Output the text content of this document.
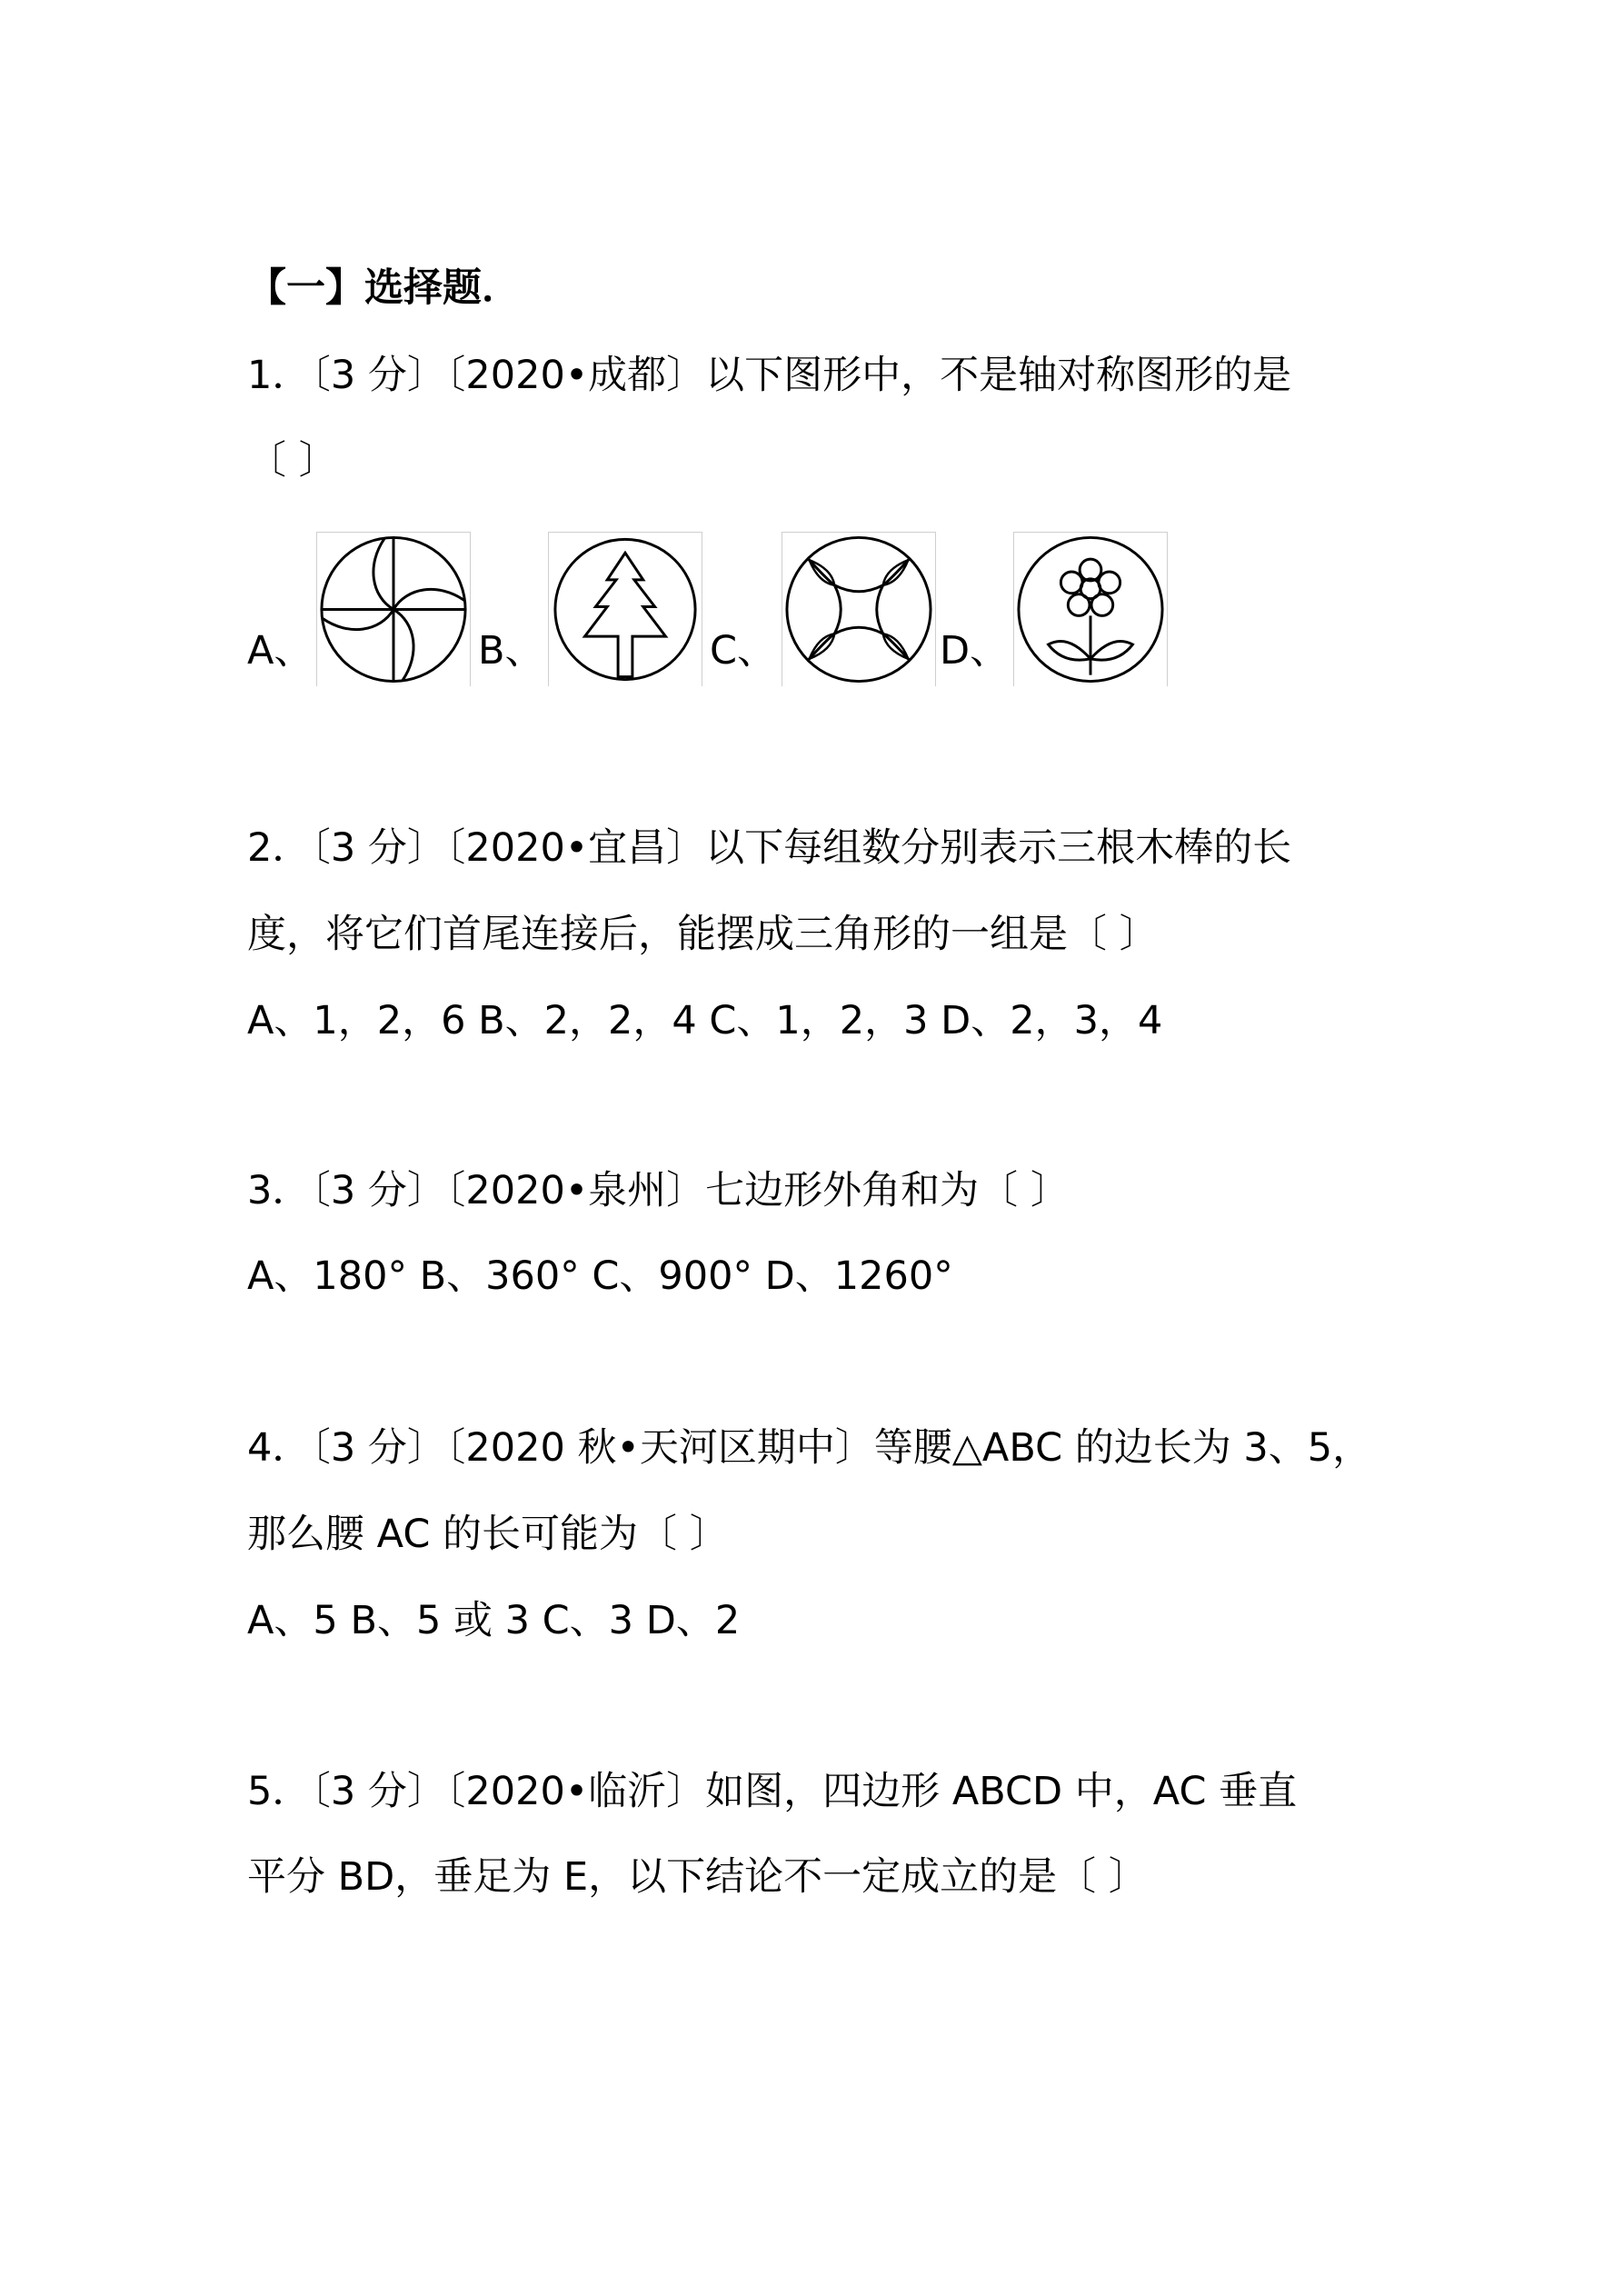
【一】选择题．
1．〔3 分〕〔2020•成都〕以下图形中，不是轴对称图形的是
〔 〕
A、	B、	C、	D、
2．〔3 分〕〔2020•宜昌〕以下每组数分别表示三根木棒的长
度，将它们首尾连接后，能摆成三角形的一组是〔 〕
A、1，2，6 B、2，2，4 C、1，2，3 D、2，3，4
3．〔3 分〕〔2020•泉州〕七边形外角和为〔 〕
A、180° B、360° C、900° D、1260°
4．〔3 分〕〔2020 秋•天河区期中〕等腰△ABC 的边长为 3、5，
那么腰 AC 的长可能为〔 〕
A、5 B、5 或 3 C、3 D、2
5．〔3 分〕〔2020•临沂〕如图，四边形 ABCD 中，AC 垂直
平分 BD，垂足为 E，以下结论不一定成立的是〔 〕
